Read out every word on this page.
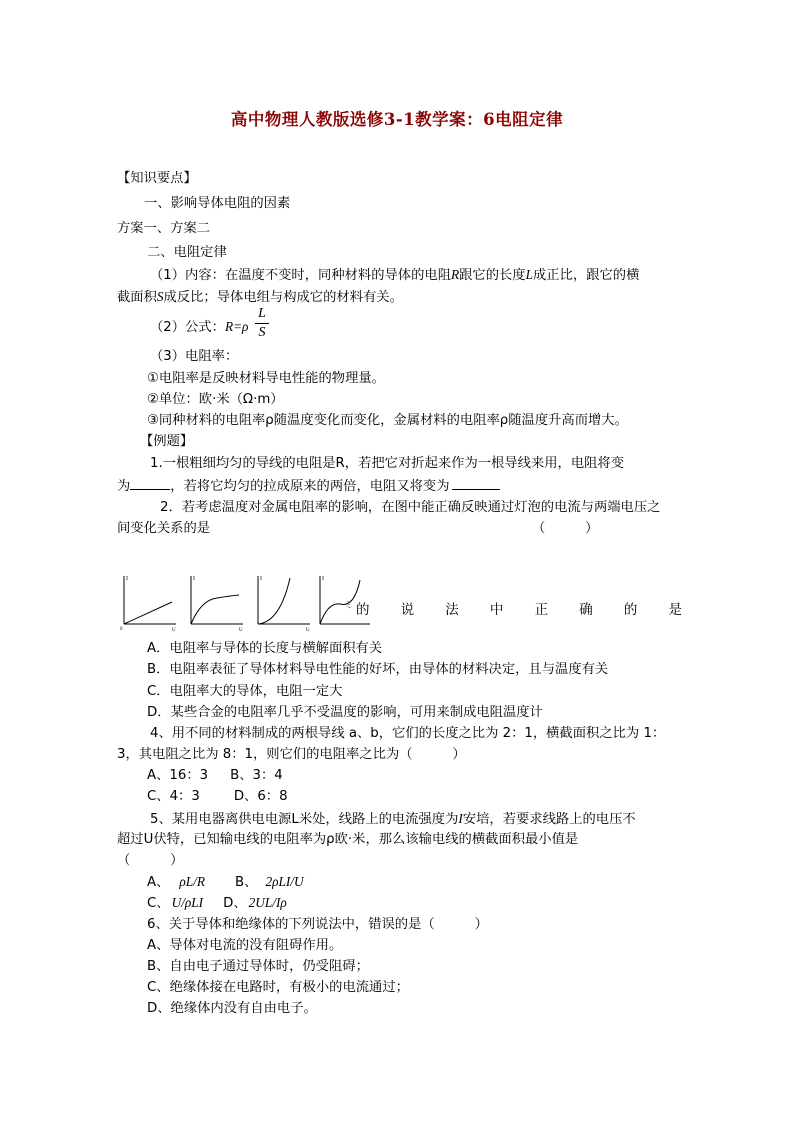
高中物理人教版选修3-1教学案：6电阻定律
【知识要点】
一、影响导体电阻的因素
方案一、方案二
二、电阻定律
（1）内容：在温度不变时，同种材料的导体的电阻R跟它的长度L成正比，跟它的横
截面积S成反比；导体电组与构成它的材料有关。
（2）公式：R=ρ
L
S
（3）电阻率：
①电阻率是反映材料导电性能的物理量。
②单位：欧·米（Ω·m）
③同种材料的电阻率ρ随温度变化而变化，金属材料的电阻率ρ随温度升高而增大。
【例题】
1.一根粗细均匀的导线的电阻是R，若把它对折起来作为一根导线来用，电阻将变
为	，若将它均匀的拉成原来的两倍，电阻又将变为
2．若考虑温度对金属电阻率的影响，在图中能正确反映通过灯泡的电流与两端电压之
间变化关系的是	（　　　）
I
0	U
I
U
I
U
I
ミ 的 说 法 中 正 确 的 是
A．电阻率与导体的长度与横解面积有关
B．电阻率表征了导体材料导电性能的好坏，由导体的材料决定，且与温度有关
C．电阻率大的导体，电阻一定大
D．某些合金的电阻率几乎不受温度的影响，可用来制成电阻温度计
4、用不同的材料制成的两根导线 a、b，它们的长度之比为 2：1，横截面积之比为 1：
3，其电阻之比为 8：1，则它们的电阻率之比为（　　　）
A、16：3 B、3：4
C、4：3	D、6：8
5、某用电器离供电电源L米处，线路上的电流强度为I安培，若要求线路上的电压不
超过U伏特，已知输电线的电阻率为ρ欧·米，那么该输电线的横截面积最小值是
（　　　）
A、 ρL/R B、 2ρLI/U
C、 U/ρLI D、 2UL/Iρ
6、关于导体和绝缘体的下列说法中，错误的是（　　　）
A、导体对电流的没有阻碍作用。
B、自由电子通过导体时，仍受阻碍；
C、绝缘体接在电路时，有极小的电流通过；
D、绝缘体内没有自由电子。
